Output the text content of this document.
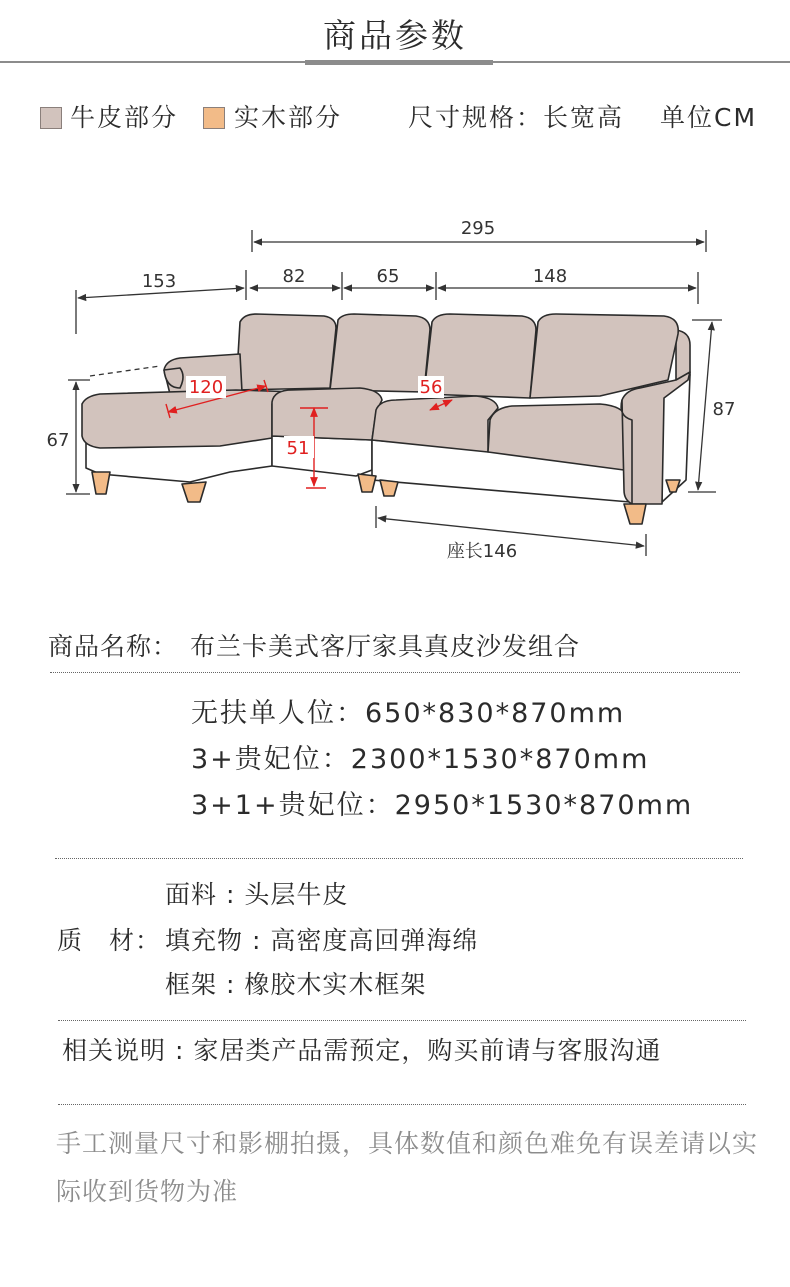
商品参数
牛皮部分 实木部分	尺寸规格：长宽高 单位CM
295
153	82	65	148
87
67
120
51
56
座长146
商品名称： 布兰卡美式客厅家具真皮沙发组合
无扶单人位：650*830*870mm
3+贵妃位：2300*1530*870mm
3+1+贵妃位：2950*1530*870mm
面料 : 头层牛皮
质　材： 填充物 : 高密度高回弹海绵
框架 : 橡胶木实木框架
相关说明 : 家居类产品需预定，购买前请与客服沟通
手工测量尺寸和影棚拍摄，具体数值和颜色难免有误差请以实际收到货物为准
